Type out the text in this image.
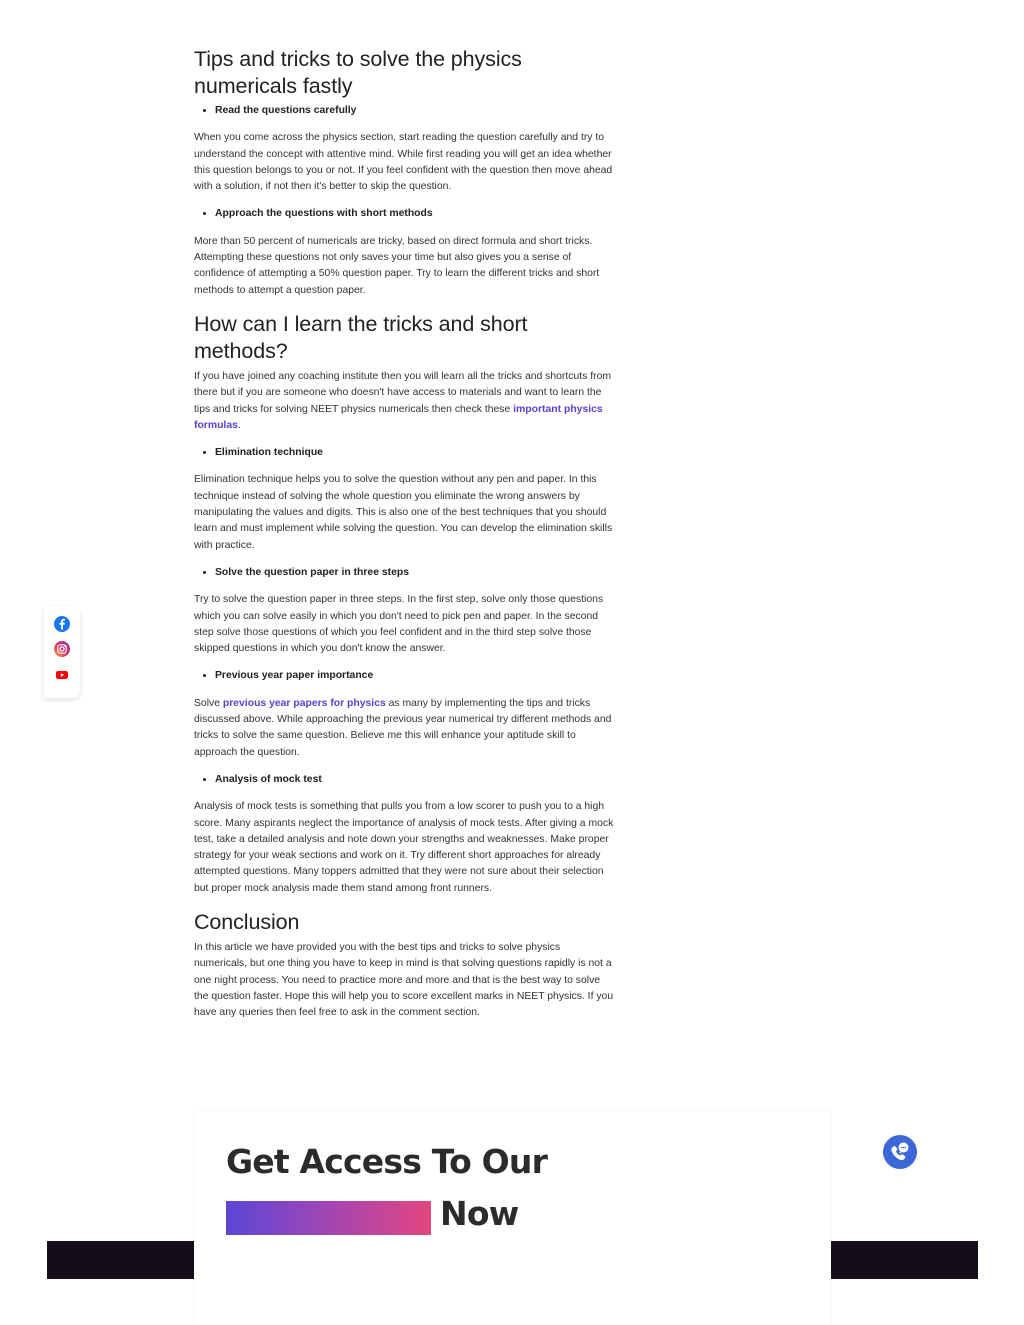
Tips and tricks to solve the physics numericals fastly
• Read the questions carefully

When you come across the physics section, start reading the question carefully and try to understand the concept with attentive mind. While first reading you will get an idea whether this question belongs to you or not. If you feel confident with the question then move ahead with a solution, if not then it's better to skip the question.

• Approach the questions with short methods

More than 50 percent of numericals are tricky, based on direct formula and short tricks. Attempting these questions not only saves your time but also gives you a sense of confidence of attempting a 50% question paper. Try to learn the different tricks and short methods to attempt a question paper.

How can I learn the tricks and short methods?

If you have joined any coaching institute then you will learn all the tricks and shortcuts from there but if you are someone who doesn't have access to materials and want to learn the tips and tricks for solving NEET physics numericals then check these important physics formulas.

• Elimination technique

Elimination technique helps you to solve the question without any pen and paper. In this technique instead of solving the whole question you eliminate the wrong answers by manipulating the values and digits. This is also one of the best techniques that you should learn and must implement while solving the question. You can develop the elimination skills with practice.

• Solve the question paper in three steps

Try to solve the question paper in three steps. In the first step, solve only those questions which you can solve easily in which you don't need to pick pen and paper. In the second step solve those questions of which you feel confident and in the third step solve those skipped questions in which you don't know the answer.

• Previous year paper importance

Solve previous year papers for physics as many by implementing the tips and tricks discussed above. While approaching the previous year numerical try different methods and tricks to solve the same question. Believe me this will enhance your aptitude skill to approach the question.

• Analysis of mock test

Analysis of mock tests is something that pulls you from a low scorer to push you to a high score. Many aspirants neglect the importance of analysis of mock tests. After giving a mock test, take a detailed analysis and note down your strengths and weaknesses. Make proper strategy for your weak sections and work on it. Try different short approaches for already attempted questions. Many toppers admitted that they were not sure about their selection but proper mock analysis made them stand among front runners.

Conclusion

In this article we have provided you with the best tips and tricks to solve physics numericals, but one thing you have to keep in mind is that solving questions rapidly is not a one night process. You need to practice more and more and that is the best way to solve the question faster. Hope this will help you to score excellent marks in NEET physics. If you have any queries then feel free to ask in the comment section.

Get Access To Our
Now
